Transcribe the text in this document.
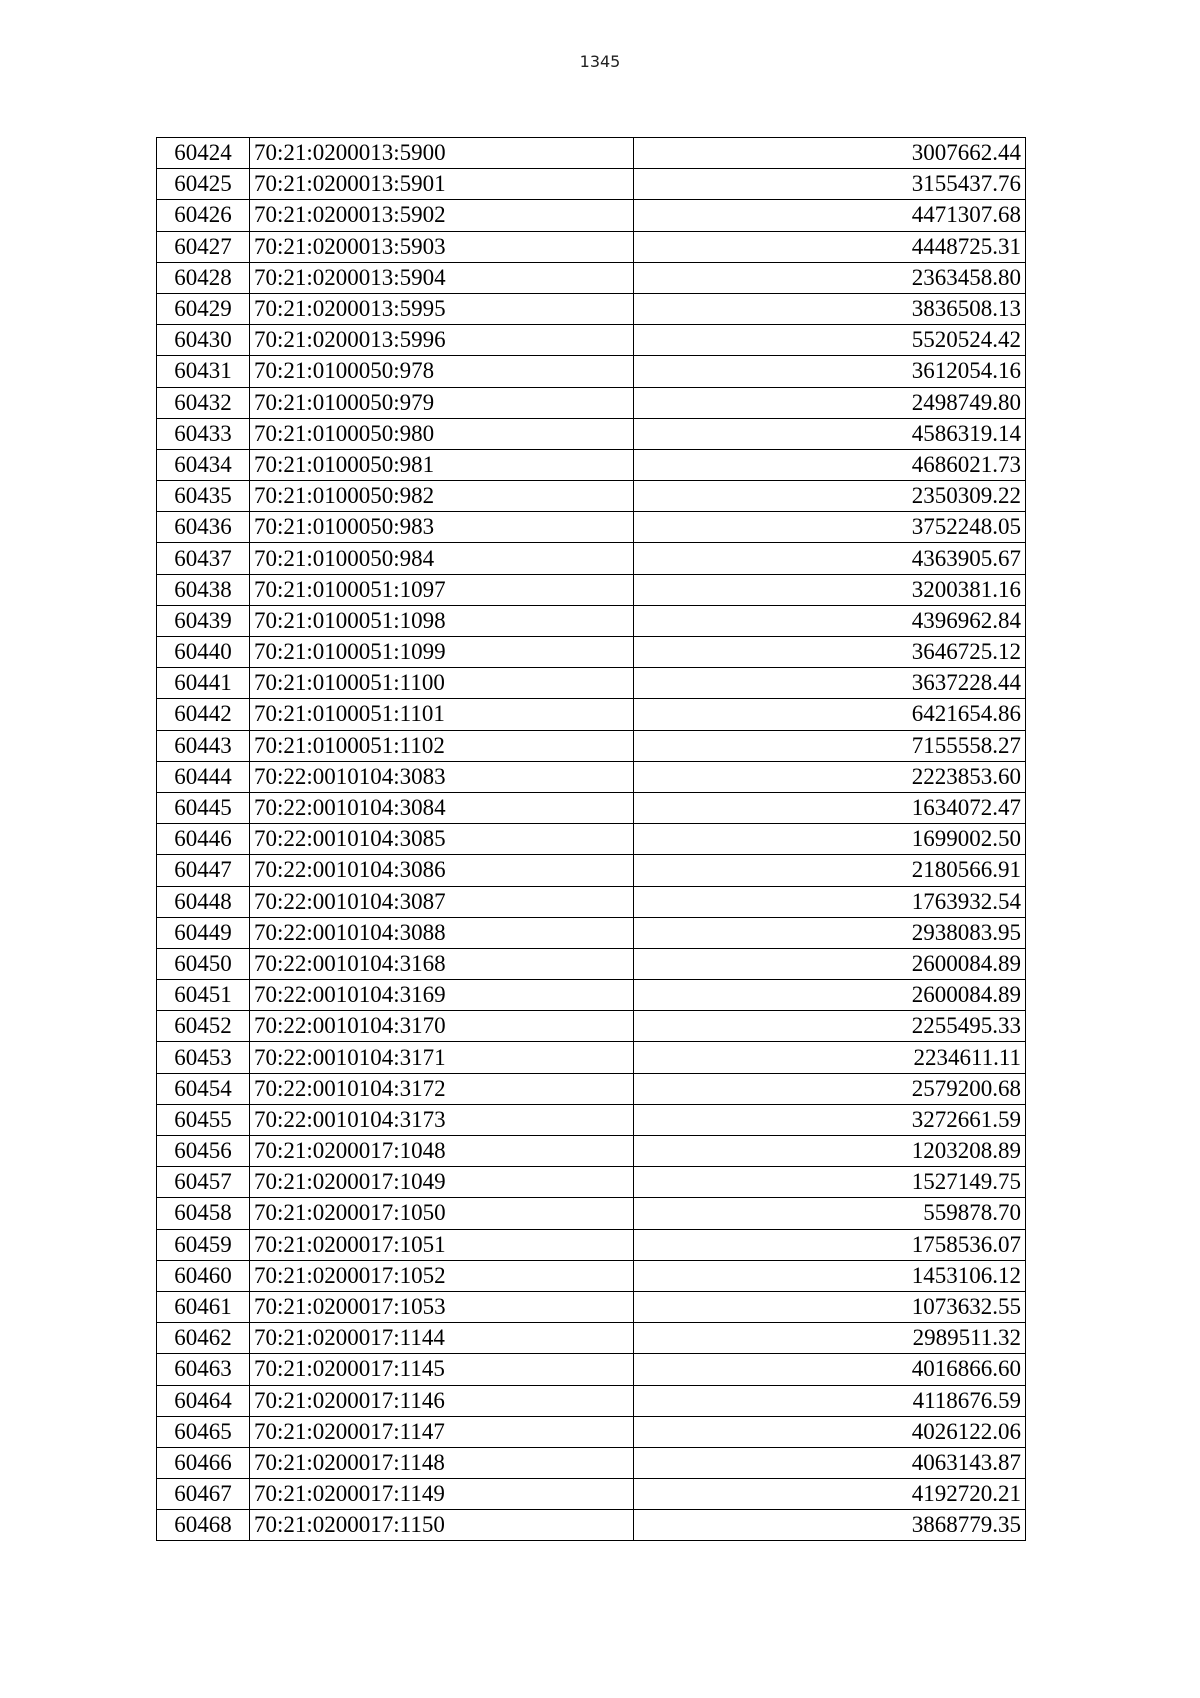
1345
60424	70:21:0200013:5900	3007662.44
60425	70:21:0200013:5901	3155437.76
60426	70:21:0200013:5902	4471307.68
60427	70:21:0200013:5903	4448725.31
60428	70:21:0200013:5904	2363458.80
60429	70:21:0200013:5995	3836508.13
60430	70:21:0200013:5996	5520524.42
60431	70:21:0100050:978	3612054.16
60432	70:21:0100050:979	2498749.80
60433	70:21:0100050:980	4586319.14
60434	70:21:0100050:981	4686021.73
60435	70:21:0100050:982	2350309.22
60436	70:21:0100050:983	3752248.05
60437	70:21:0100050:984	4363905.67
60438	70:21:0100051:1097	3200381.16
60439	70:21:0100051:1098	4396962.84
60440	70:21:0100051:1099	3646725.12
60441	70:21:0100051:1100	3637228.44
60442	70:21:0100051:1101	6421654.86
60443	70:21:0100051:1102	7155558.27
60444	70:22:0010104:3083	2223853.60
60445	70:22:0010104:3084	1634072.47
60446	70:22:0010104:3085	1699002.50
60447	70:22:0010104:3086	2180566.91
60448	70:22:0010104:3087	1763932.54
60449	70:22:0010104:3088	2938083.95
60450	70:22:0010104:3168	2600084.89
60451	70:22:0010104:3169	2600084.89
60452	70:22:0010104:3170	2255495.33
60453	70:22:0010104:3171	2234611.11
60454	70:22:0010104:3172	2579200.68
60455	70:22:0010104:3173	3272661.59
60456	70:21:0200017:1048	1203208.89
60457	70:21:0200017:1049	1527149.75
60458	70:21:0200017:1050	559878.70
60459	70:21:0200017:1051	1758536.07
60460	70:21:0200017:1052	1453106.12
60461	70:21:0200017:1053	1073632.55
60462	70:21:0200017:1144	2989511.32
60463	70:21:0200017:1145	4016866.60
60464	70:21:0200017:1146	4118676.59
60465	70:21:0200017:1147	4026122.06
60466	70:21:0200017:1148	4063143.87
60467	70:21:0200017:1149	4192720.21
60468	70:21:0200017:1150	3868779.35
